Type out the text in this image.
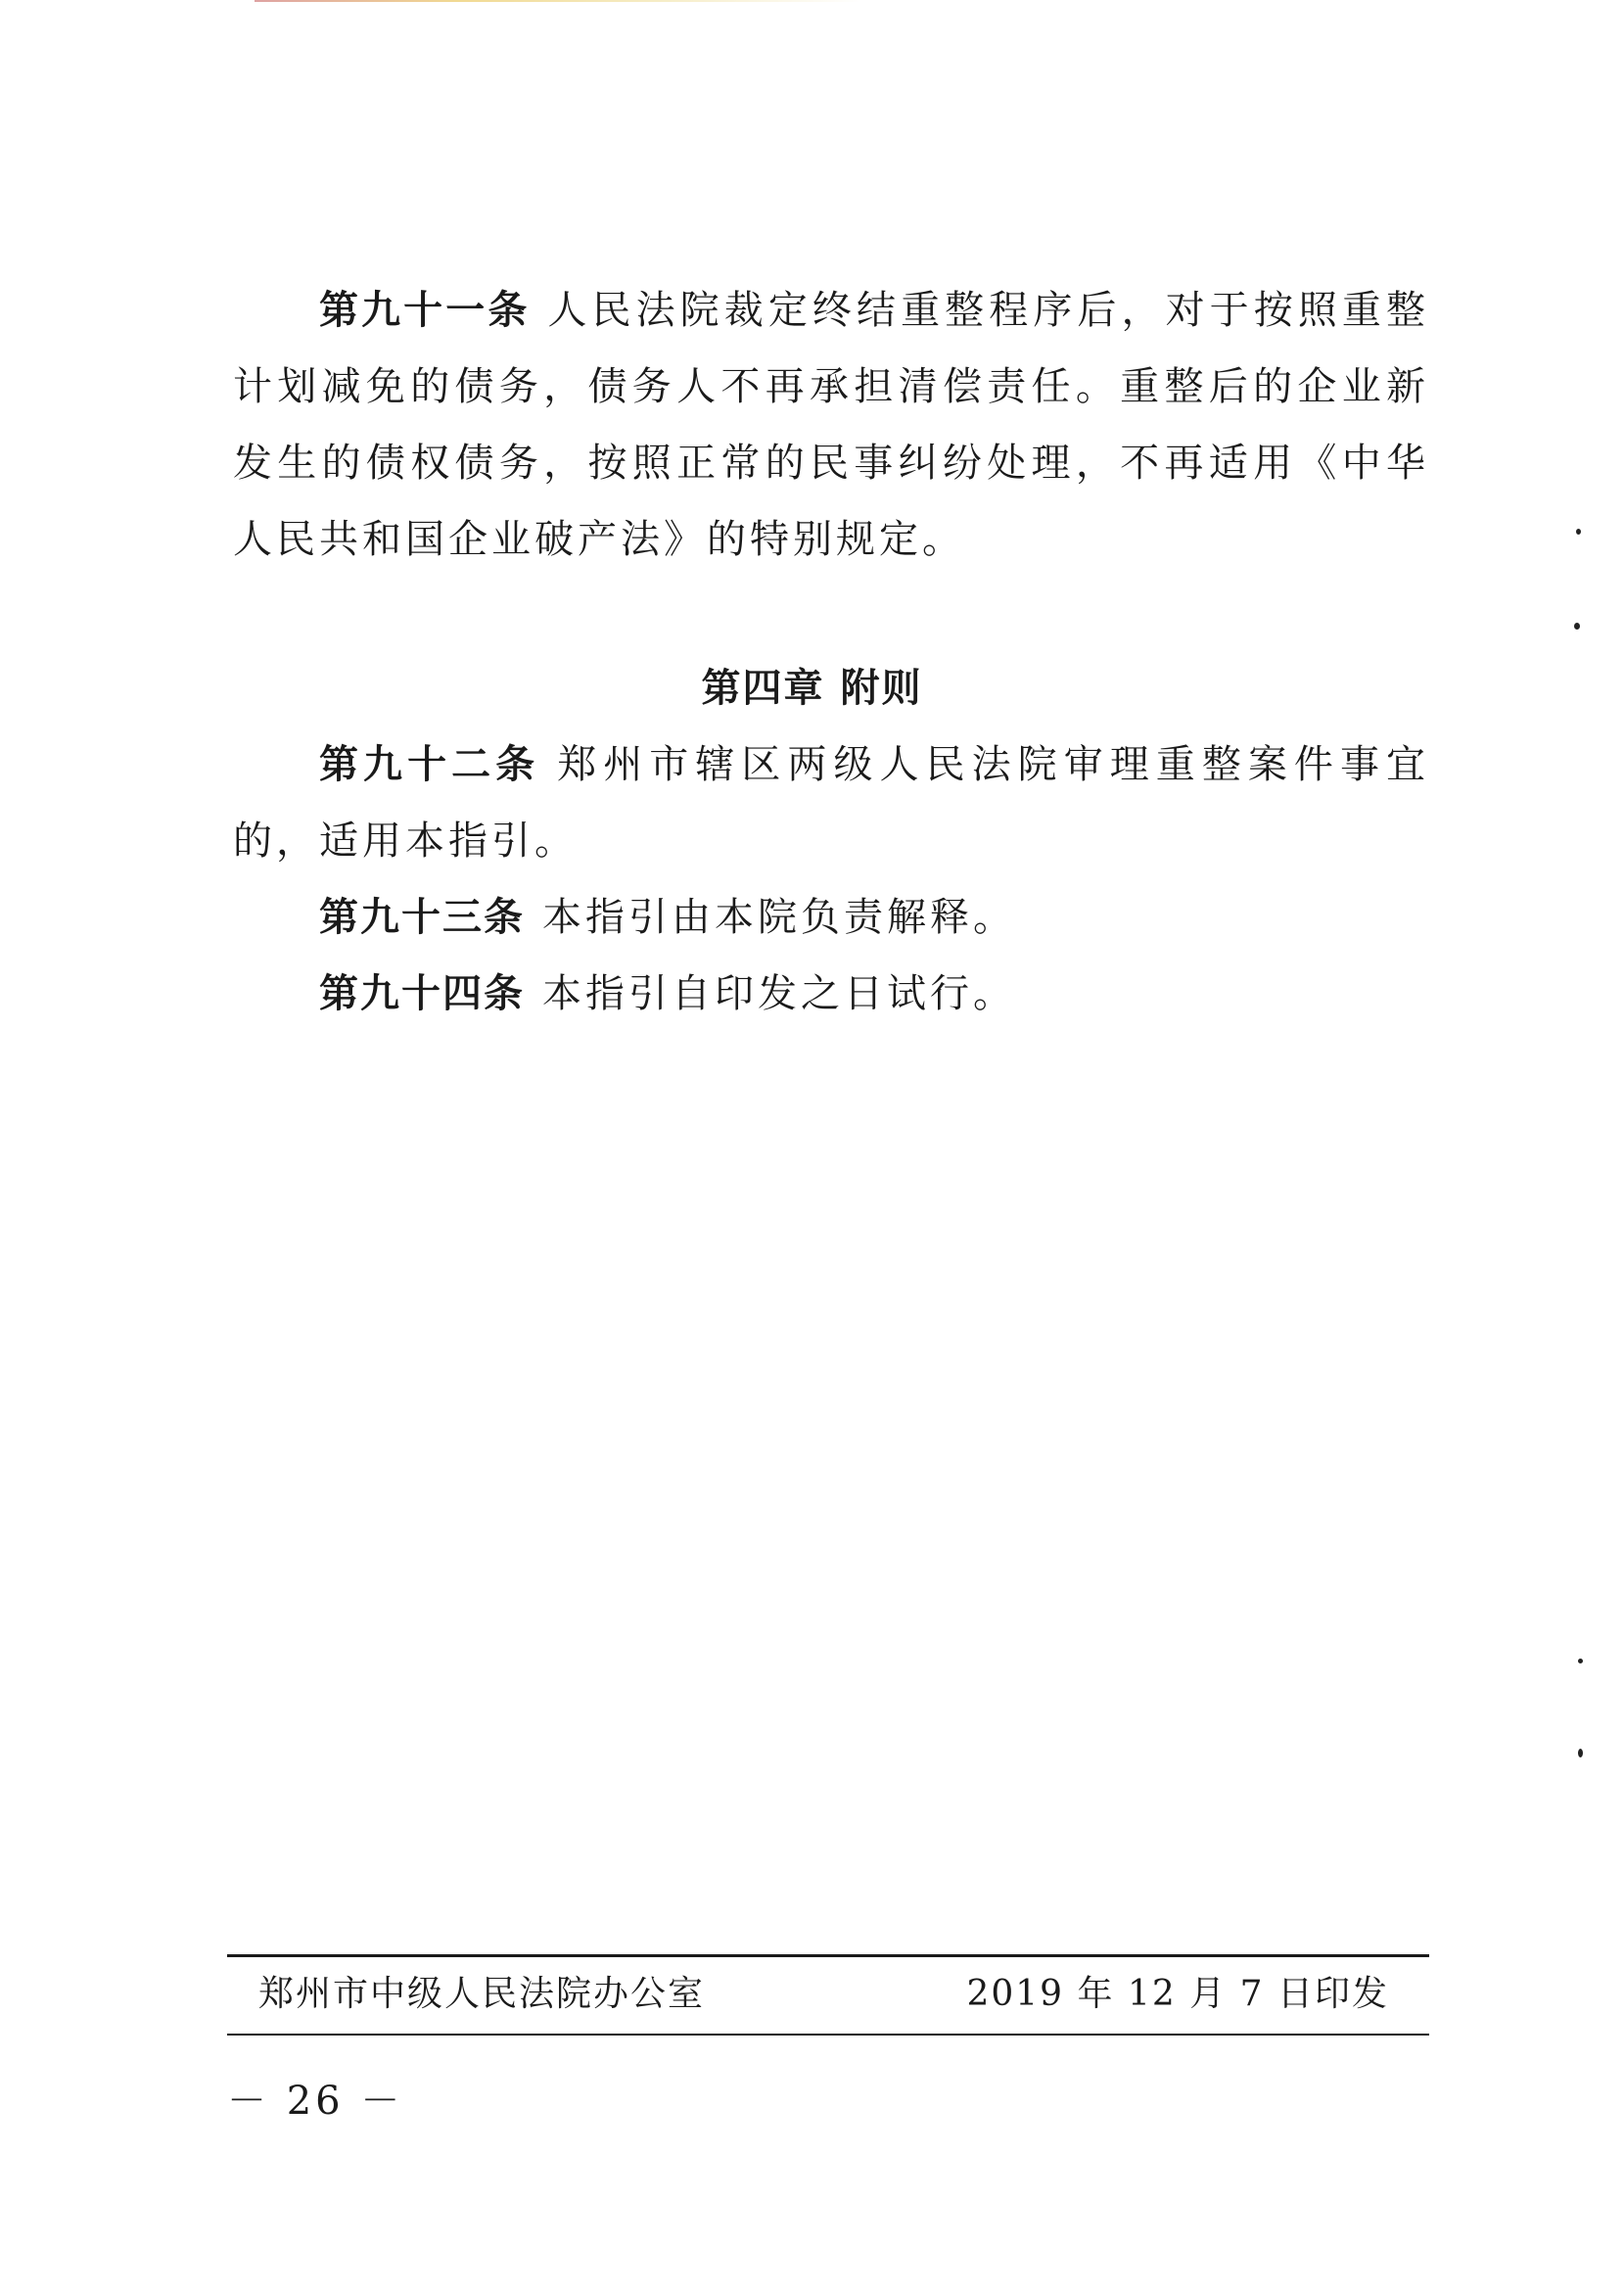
第九十一条 人民法院裁定终结重整程序后，对于按照重整计划减免的债务，债务人不再承担清偿责任。重整后的企业新发生的债权债务，按照正常的民事纠纷处理，不再适用《中华人民共和国企业破产法》的特别规定。

第四章 附则

第九十二条 郑州市辖区两级人民法院审理重整案件事宜的，适用本指引。

第九十三条 本指引由本院负责解释。

第九十四条 本指引自印发之日试行。

郑州市中级人民法院办公室	2019 年 12 月 7 日印发
－ 26 －
